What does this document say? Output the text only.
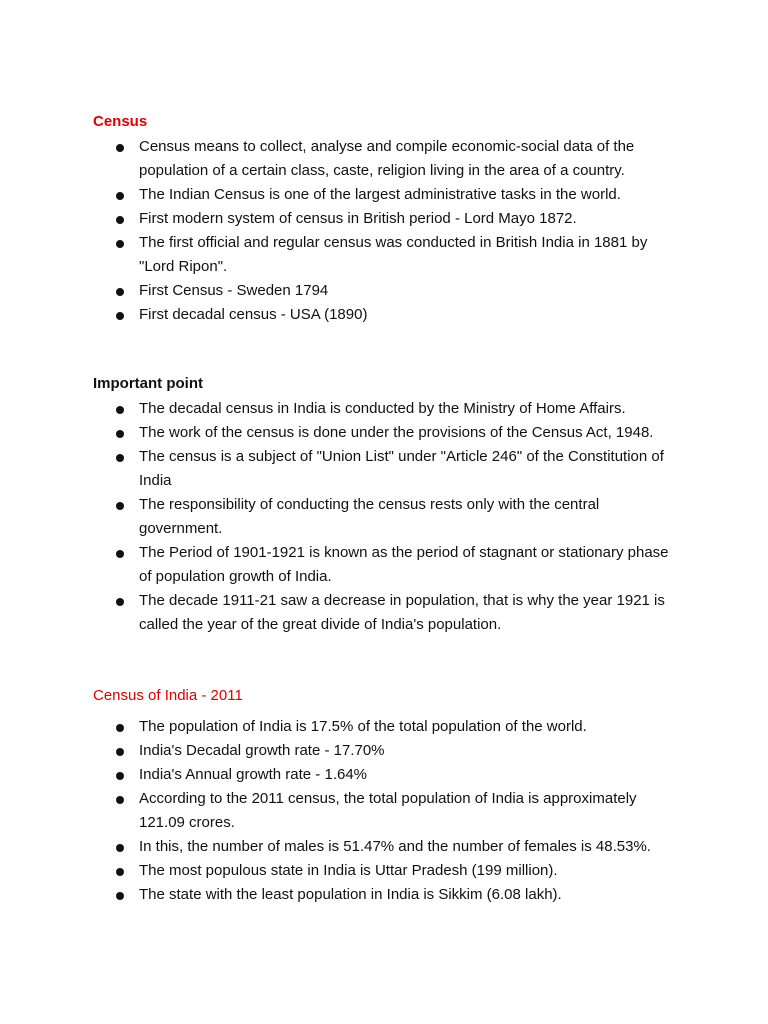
Census
Census means to collect, analyse and compile economic-social data of the population of a certain class, caste, religion living in the area of a country.
The Indian Census is one of the largest administrative tasks in the world.
First modern system of census in British period - Lord Mayo 1872.
The first official and regular census was conducted in British India in 1881 by "Lord Ripon".
First Census - Sweden 1794
First decadal census - USA (1890)
Important point
The decadal census in India is conducted by the Ministry of Home Affairs.
The work of the census is done under the provisions of the Census Act, 1948.
The census is a subject of "Union List" under "Article 246" of the Constitution of India
The responsibility of conducting the census rests only with the central government.
The Period of 1901-1921 is known as the period of stagnant or stationary phase of population growth of India.
The decade 1911-21 saw a decrease in population, that is why the year 1921 is called the year of the great divide of India's population.
Census of India - 2011
The population of India is 17.5% of the total population of the world.
India's Decadal growth rate - 17.70%
India's Annual growth rate - 1.64%
According to the 2011 census, the total population of India is approximately 121.09 crores.
In this, the number of males is 51.47% and the number of females is 48.53%.
The most populous state in India is Uttar Pradesh (199 million).
The state with the least population in India is Sikkim (6.08 lakh).
